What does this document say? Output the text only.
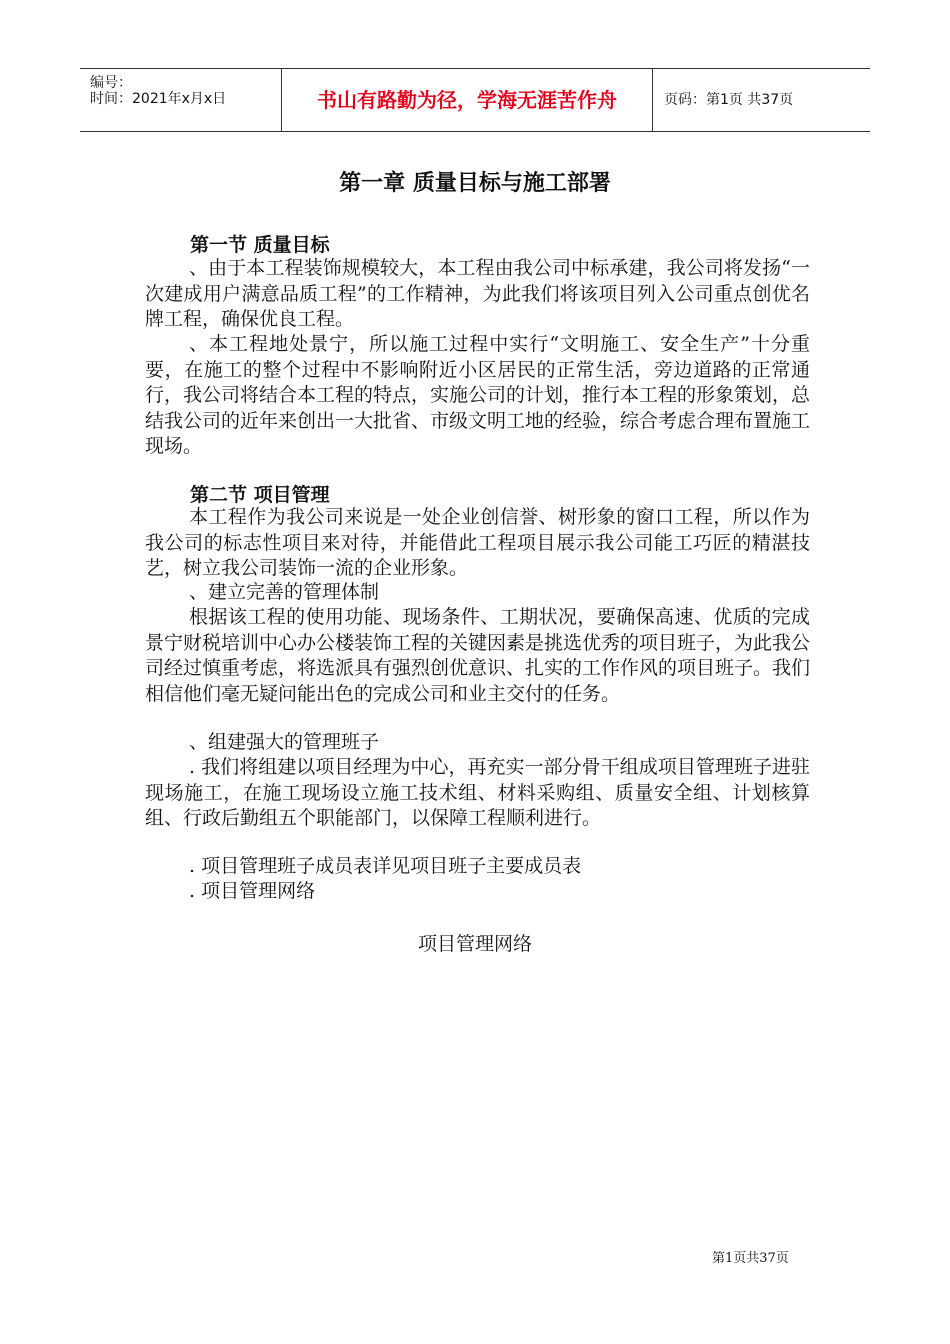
编号：
时间：2021年x月x日	书山有路勤为径，学海无涯苦作舟	页码：第1页 共37页
第一章 质量目标与施工部署
第一节 质量目标
、由于本工程装饰规模较大，本工程由我公司中标承建，我公司将发扬“一次建成用户满意品质工程”的工作精神，为此我们将该项目列入公司重点创优名牌工程，确保优良工程。
、本工程地处景宁，所以施工过程中实行“文明施工、安全生产”十分重要，在施工的整个过程中不影响附近小区居民的正常生活，旁边道路的正常通行，我公司将结合本工程的特点，实施公司的计划，推行本工程的形象策划，总结我公司的近年来创出一大批省、市级文明工地的经验，综合考虑合理布置施工现场。
第二节 项目管理
本工程作为我公司来说是一处企业创信誉、树形象的窗口工程，所以作为我公司的标志性项目来对待，并能借此工程项目展示我公司能工巧匠的精湛技艺，树立我公司装饰一流的企业形象。
、建立完善的管理体制
根据该工程的使用功能、现场条件、工期状况，要确保高速、优质的完成景宁财税培训中心办公楼装饰工程的关键因素是挑选优秀的项目班子，为此我公司经过慎重考虑，将选派具有强烈创优意识、扎实的工作作风的项目班子。我们相信他们毫无疑问能出色的完成公司和业主交付的任务。
、组建强大的管理班子
. 我们将组建以项目经理为中心，再充实一部分骨干组成项目管理班子进驻现场施工，在施工现场设立施工技术组、材料采购组、质量安全组、计划核算组、行政后勤组五个职能部门，以保障工程顺利进行。
. 项目管理班子成员表详见项目班子主要成员表
. 项目管理网络
项目管理网络
第1页共37页
